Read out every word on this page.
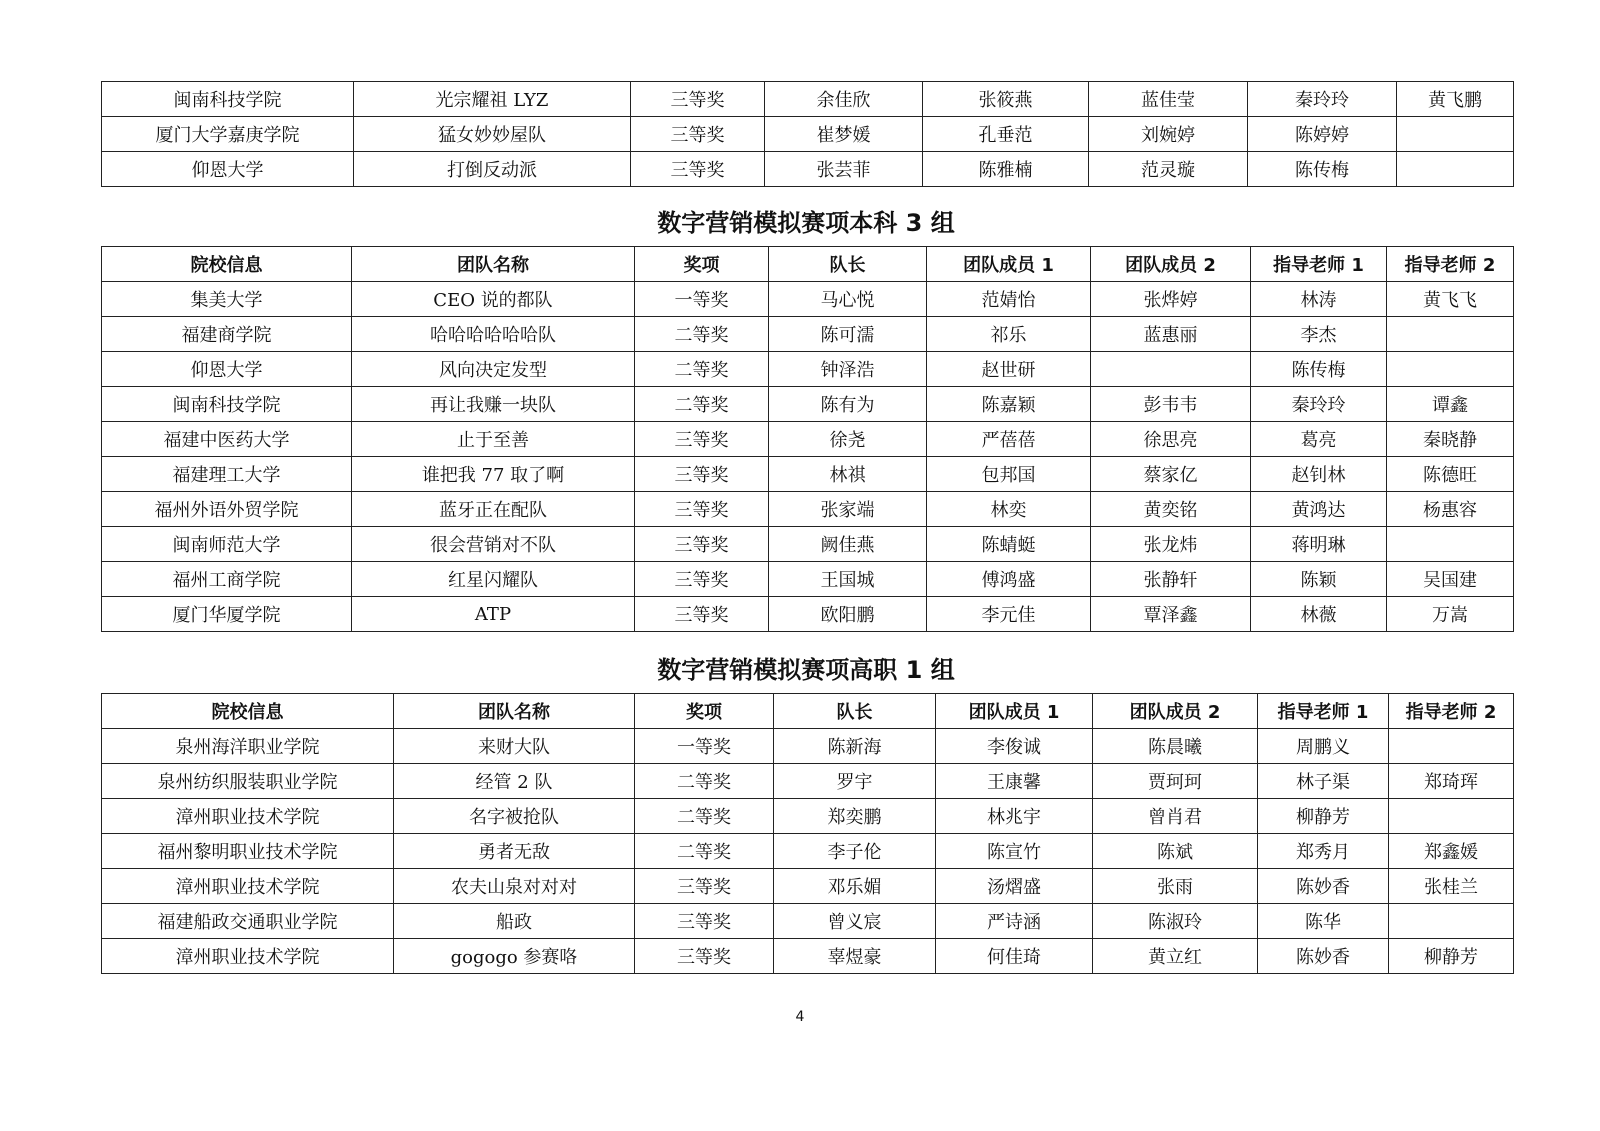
闽南科技学院	光宗耀祖 LYZ	三等奖	余佳欣	张筱燕	蓝佳莹	秦玲玲	黄飞鹏
厦门大学嘉庚学院	猛女妙妙屋队	三等奖	崔梦媛	孔垂范	刘婉婷	陈婷婷	
仰恩大学	打倒反动派	三等奖	张芸菲	陈雅楠	范灵璇	陈传梅	
数字营销模拟赛项本科 3 组
院校信息	团队名称	奖项	队长	团队成员 1	团队成员 2	指导老师 1	指导老师 2
集美大学	CEO 说的都队	一等奖	马心悦	范婧怡	张烨婷	林涛	黄飞飞
福建商学院	哈哈哈哈哈哈队	二等奖	陈可濡	祁乐	蓝惠丽	李杰	
仰恩大学	风向决定发型	二等奖	钟泽浩	赵世研		陈传梅	
闽南科技学院	再让我赚一块队	二等奖	陈有为	陈嘉颖	彭韦韦	秦玲玲	谭鑫
福建中医药大学	止于至善	三等奖	徐尧	严蓓蓓	徐思亮	葛亮	秦晓静
福建理工大学	谁把我 77 取了啊	三等奖	林祺	包邦国	蔡家亿	赵钊林	陈德旺
福州外语外贸学院	蓝牙正在配队	三等奖	张家端	林奕	黄奕铭	黄鸿达	杨惠容
闽南师范大学	很会营销对不队	三等奖	阙佳燕	陈蜻蜓	张龙炜	蒋明琳	
福州工商学院	红星闪耀队	三等奖	王国城	傅鸿盛	张静轩	陈颖	吴国建
厦门华厦学院	ATP	三等奖	欧阳鹏	李元佳	覃泽鑫	林薇	万嵩
数字营销模拟赛项高职 1 组
院校信息	团队名称	奖项	队长	团队成员 1	团队成员 2	指导老师 1	指导老师 2
泉州海洋职业学院	来财大队	一等奖	陈新海	李俊诚	陈晨曦	周鹏义	
泉州纺织服装职业学院	经管 2 队	二等奖	罗宇	王康馨	贾珂珂	林子渠	郑琦珲
漳州职业技术学院	名字被抢队	二等奖	郑奕鹏	林兆宇	曾肖君	柳静芳	
福州黎明职业技术学院	勇者无敌	二等奖	李子伦	陈宣竹	陈斌	郑秀月	郑鑫媛
漳州职业技术学院	农夫山泉对对对	三等奖	邓乐媚	汤熠盛	张雨	陈妙香	张桂兰
福建船政交通职业学院	船政	三等奖	曾义宸	严诗涵	陈淑玲	陈华	
漳州职业技术学院	gogogo 参赛咯	三等奖	辜煜豪	何佳琦	黄立红	陈妙香	柳静芳
4
